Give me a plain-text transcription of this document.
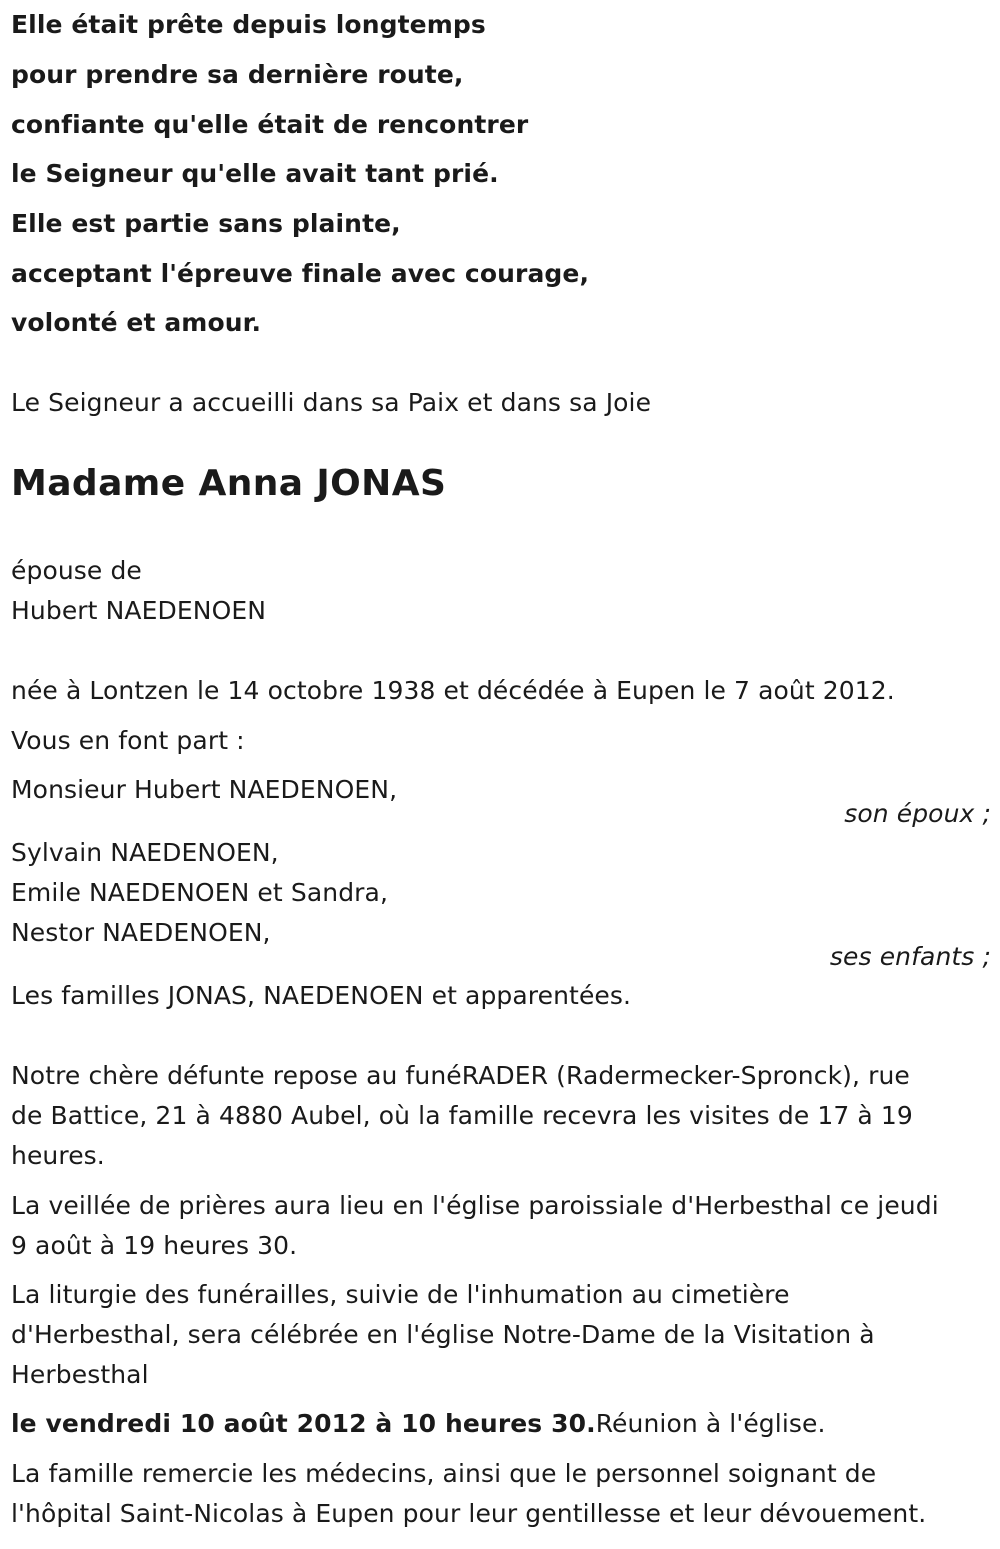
Elle était prête depuis longtemps
pour prendre sa dernière route,
confiante qu'elle était de rencontrer
le Seigneur qu'elle avait tant prié.
Elle est partie sans plainte,
acceptant l'épreuve finale avec courage,
volonté et amour.
Le Seigneur a accueilli dans sa Paix et dans sa Joie
Madame Anna JONAS
épouse de
Hubert NAEDENOEN
née à Lontzen le 14 octobre 1938 et décédée à Eupen le 7 août 2012.
Vous en font part :
Monsieur Hubert NAEDENOEN,
son époux ;
Sylvain NAEDENOEN,
Emile NAEDENOEN et Sandra,
Nestor NAEDENOEN,
ses enfants ;
Les familles JONAS, NAEDENOEN et apparentées.
Notre chère défunte repose au funéRADER (Radermecker-Spronck), rue
de Battice, 21 à 4880 Aubel, où la famille recevra les visites de 17 à 19
heures.
La veillée de prières aura lieu en l'église paroissiale d'Herbesthal ce jeudi
9 août à 19 heures 30.
La liturgie des funérailles, suivie de l'inhumation au cimetière
d'Herbesthal, sera célébrée en l'église Notre-Dame de la Visitation à
Herbesthal
le vendredi 10 août 2012 à 10 heures 30.Réunion à l'église.
La famille remercie les médecins, ainsi que le personnel soignant de
l'hôpital Saint-Nicolas à Eupen pour leur gentillesse et leur dévouement.
